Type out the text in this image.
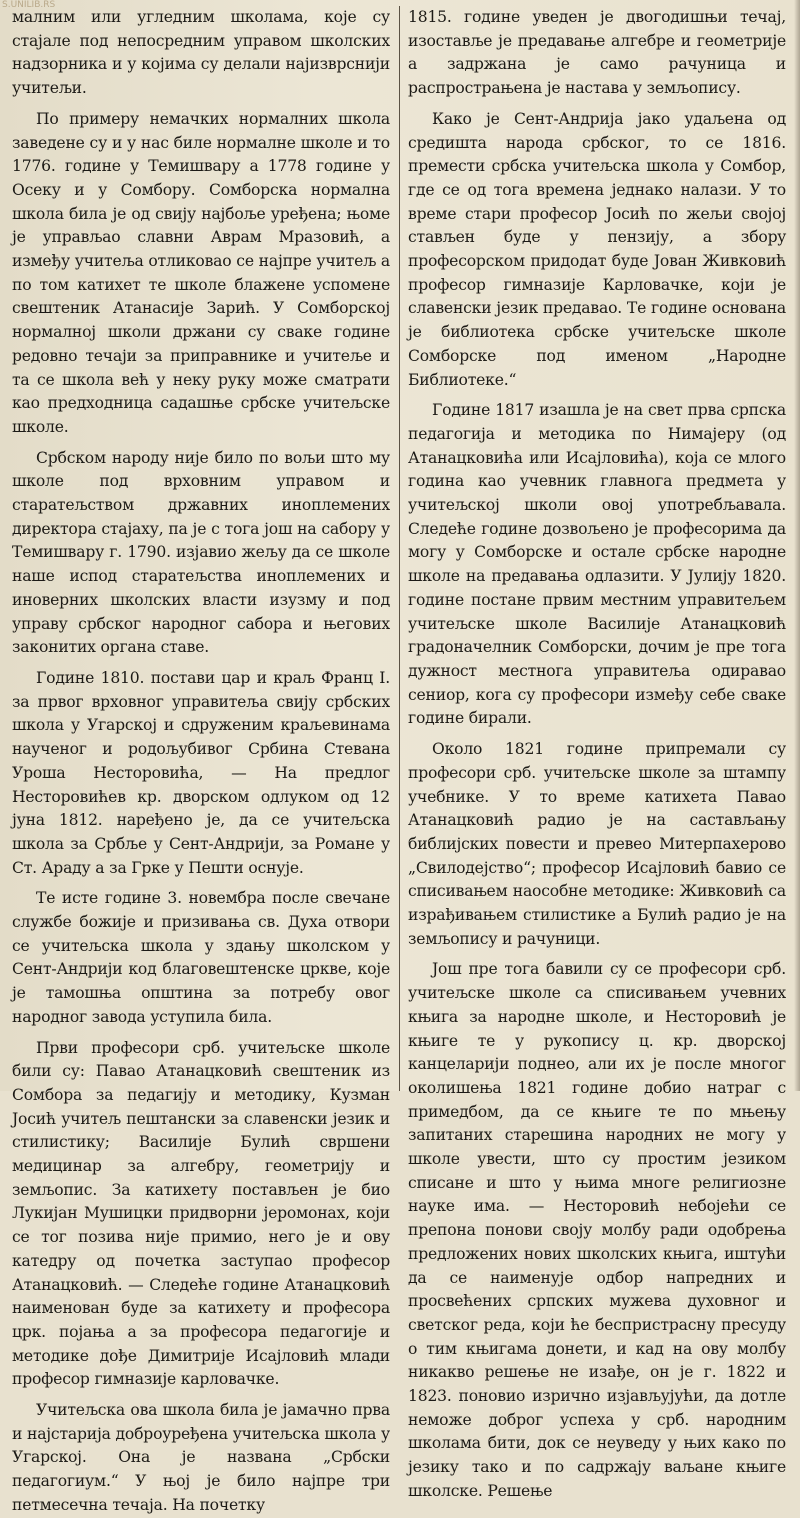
S.UNILIB.RS

малним или угледним школама, које су стајале под непосредним управом школских надзорника и у којима су делали најизврснији учитељи.

По примеру немачких нормалних школа заведене су и у нас биле нормалне школе и то 1776. године у Темишвару а 1778 године у Осеку и у Сомбору. Сомборска нормална школа била је од свију најбоље уређена; њоме је управљао славни Аврам Мразовић, а између учитеља отликовао се најпре учитељ а по том катихет те школе блажене успомене свештеник Атанасије Зарић. У Сомборској нормалној школи држани су сваке године редовно течаји за приправнике и учитеље и та се школа већ у неку руку може сматрати као предходница садашње србске учитељске школе.

Србском народу није било по вољи што му школе под врховним управом и старатељством државних иноплемених директора стајаху, па је с тога још на сабору у Темишвару г. 1790. изјавио жељу да се школе наше испод старатељства иноплемених и иноверних школских власти изузму и под управу србског народног сабора и његових законитих органа ставе.

Године 1810. постави цар и краљ Франц I. за првог врховног управитеља свију србских школа у Угарској и сдруженим краљевинама наученог и родољубивог Србина Стевана Уроша Несторовића, — На предлог Несторовићев кр. дворском одлуком од 12 јуна 1812. наређено је, да се учитељска школа за Србље у Сент-Андрији, за Романе у Ст. Араду а за Грке у Пешти оснује.

Те исте године 3. новембра после свечане службе божије и призивања св. Духа отвори се учитељска школа у здању школском у Сент-Андрији код благовештенске цркве, које је тамошња општина за потребу овог народног завода уступила била.

Први професори срб. учитељске школе били су: Павао Атанацковић свештеник из Сомбора за педагију и методику, Кузман Јосић учитељ пештански за славенски језик и стилистику; Василије Булић свршени медицинар за алгебру, геометрију и земљопис. За катихету постављен је био Лукијан Мушицки придворни јеромонах, који се тог позива није примио, него је и ову катедру од почетка заступао професор Атанацковић. — Следеће године Атанацковић наименован буде за катихету и професора црк. појања а за професора педагогије и методике дође Димитрије Исајловић млади професор гимназије карловачке.

Учитељска ова школа била је јамачно прва и најстарија доброуређена учитељска школа у Угарској. Она је названа „Србски педагогиум.“ У њој је било најпре три петмесечна течаја. На почетку

1815. године уведен је двогодишњи течај, изоставље је предавање алгебре и геометрије а задржана је само рачуница и распрострањена је настава у земљопису.

Како је Сент-Андрија јако удаљена од средишта народа србског, то се 1816. премести србска учитељска школа у Сомбор, где се од тога времена једнако налази. У то време стари професор Јосић по жељи својој стављен буде у пензију, а зборy професорском придодат буде Јован Живковић професор гимназије Карловачке, који је славенски језик предавао. Те године основана је библиотека србске учитељске школе Сомборске под именом „Народне Библиотеке.“

Године 1817 изашла је на свет прва српска педагогија и методика по Нимајеру (од Атанацковића или Исајловића), која се млого година као учевник главнога предмета у учитељској школи овој употребљавала. Следеће године дозвољено је професорима да могу у Сомборске и остале србске народне школе на предавања одлазити. У Јулију 1820. године постане првим местним управитељем учитељске школе Василије Атанацковић градоначелник Сомборски, дочим је пре тога дужност местнога управитеља одиравао сениор, кога су професори између себе сваке године бирали.

Около 1821 године припремали су професори срб. учитељске школе за штампу учебнике. У то време катихета Павао Атанацковић радио је на састављању библијских повести и превео Митерпахерово „Свилодејство“; професор Исајловић бавио се списивањем наособне методике: Живковић са израђивањем стилистике а Булић радио је на земљопису и рачуници.

Још пре тога бавили су се професори срб. учитељске школе са списивањем учевних књига за народне школе, и Несторовић је књиге те у рукопису ц. кр. дворској канцеларији поднео, али их је после многог околишења 1821 године добио натраг с примедбом, да се књиге те по мњењу запитаних старешина народних не могу у школе увести, што су простим језиком списане и што у њима многе религиозне науке има. — Несторовић небојећи се препона понови своју молбу ради одобрења предложених нових школских књига, иштући да се наименује одбор напредних и просвећених српских мужева духовног и светског реда, који ће беспристрасну пресуду о тим књигама донети, и кад на ову молбу никакво решење не изађе, он је г. 1822 и 1823. поновио изрично изјављујући, да дотле неможе доброг успеха у срб. народним школама бити, док се неуведу у њих како по језику тако и по садржају ваљане књиге школске. Решење
